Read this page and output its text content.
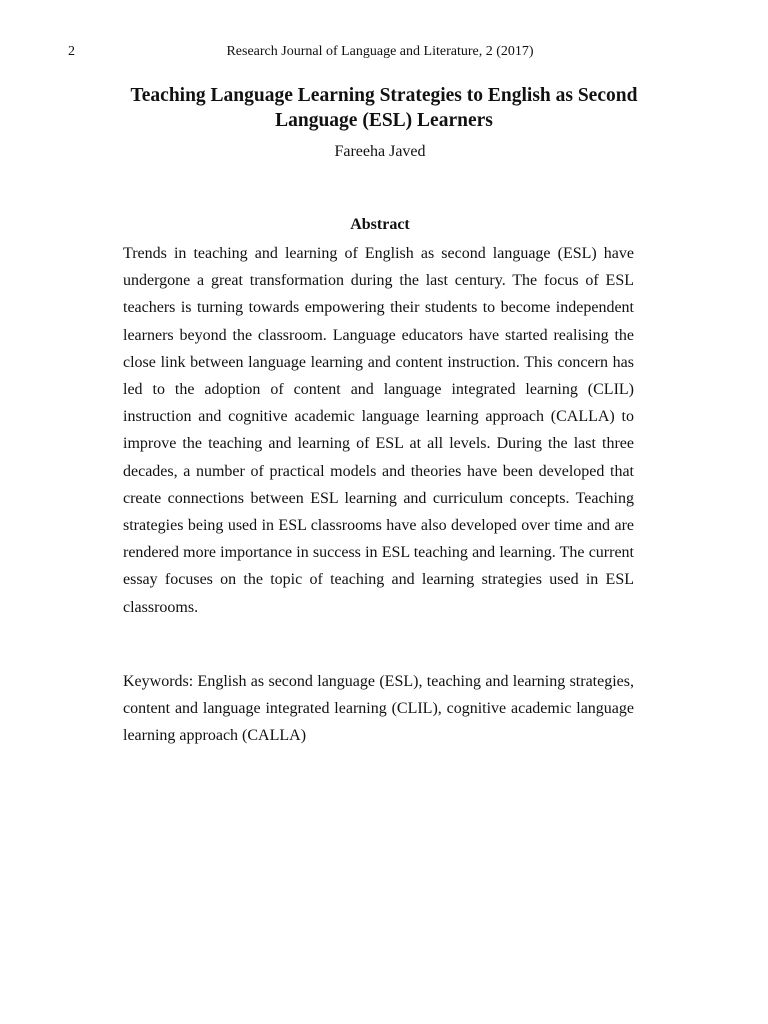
2	Research Journal of Language and Literature, 2 (2017)
Teaching Language Learning Strategies to English as Second Language (ESL) Learners
Fareeha Javed
Abstract

Trends in teaching and learning of English as second language (ESL) have undergone a great transformation during the last century. The focus of ESL teachers is turning towards empowering their students to become independent learners beyond the classroom. Language educators have started realising the close link between language learning and content instruction. This concern has led to the adoption of content and language integrated learning (CLIL) instruction and cognitive academic language learning approach (CALLA) to improve the teaching and learning of ESL at all levels. During the last three decades, a number of practical models and theories have been developed that create connections between ESL learning and curriculum concepts. Teaching strategies being used in ESL classrooms have also developed over time and are rendered more importance in success in ESL teaching and learning. The current essay focuses on the topic of teaching and learning strategies used in ESL classrooms.

Keywords: English as second language (ESL), teaching and learning strategies, content and language integrated learning (CLIL), cognitive academic language learning approach (CALLA)
